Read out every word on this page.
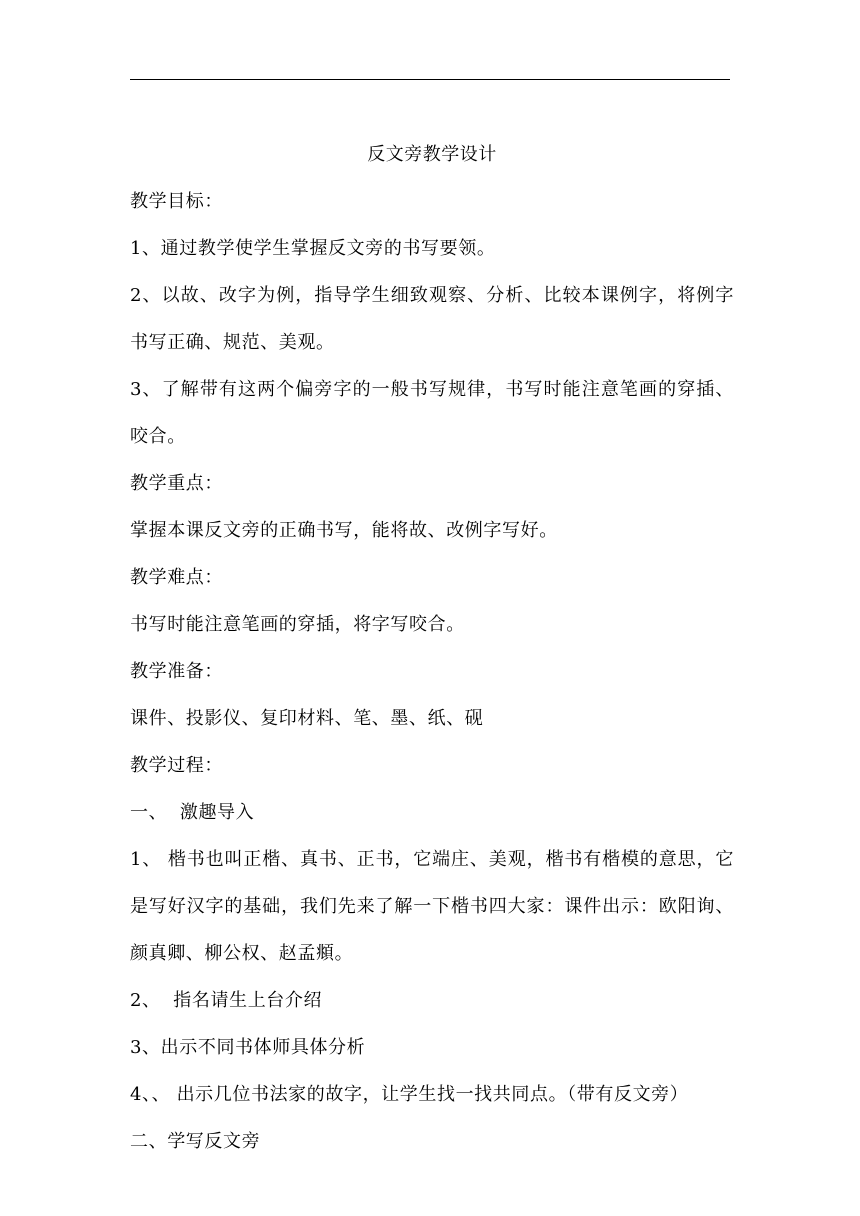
反文旁教学设计

教学目标：

1、通过教学使学生掌握反文旁的书写要领。

2、以故、改字为例，指导学生细致观察、分析、比较本课例字，将例字书写正确、规范、美观。

3、了解带有这两个偏旁字的一般书写规律，书写时能注意笔画的穿插、咬合。

教学重点：

掌握本课反文旁的正确书写，能将故、改例字写好。

教学难点：

书写时能注意笔画的穿插，将字写咬合。

教学准备：

课件、投影仪、复印材料、笔、墨、纸、砚

教学过程：

一、  激趣导入

1、 楷书也叫正楷、真书、正书，它端庄、美观，楷书有楷模的意思，它是写好汉字的基础，我们先来了解一下楷书四大家：课件出示：欧阳询、颜真卿、柳公权、赵孟頫。

2、  指名请生上台介绍

3、出示不同书体师具体分析

4、、 出示几位书法家的故字，让学生找一找共同点。（带有反文旁）

二、学写反文旁
